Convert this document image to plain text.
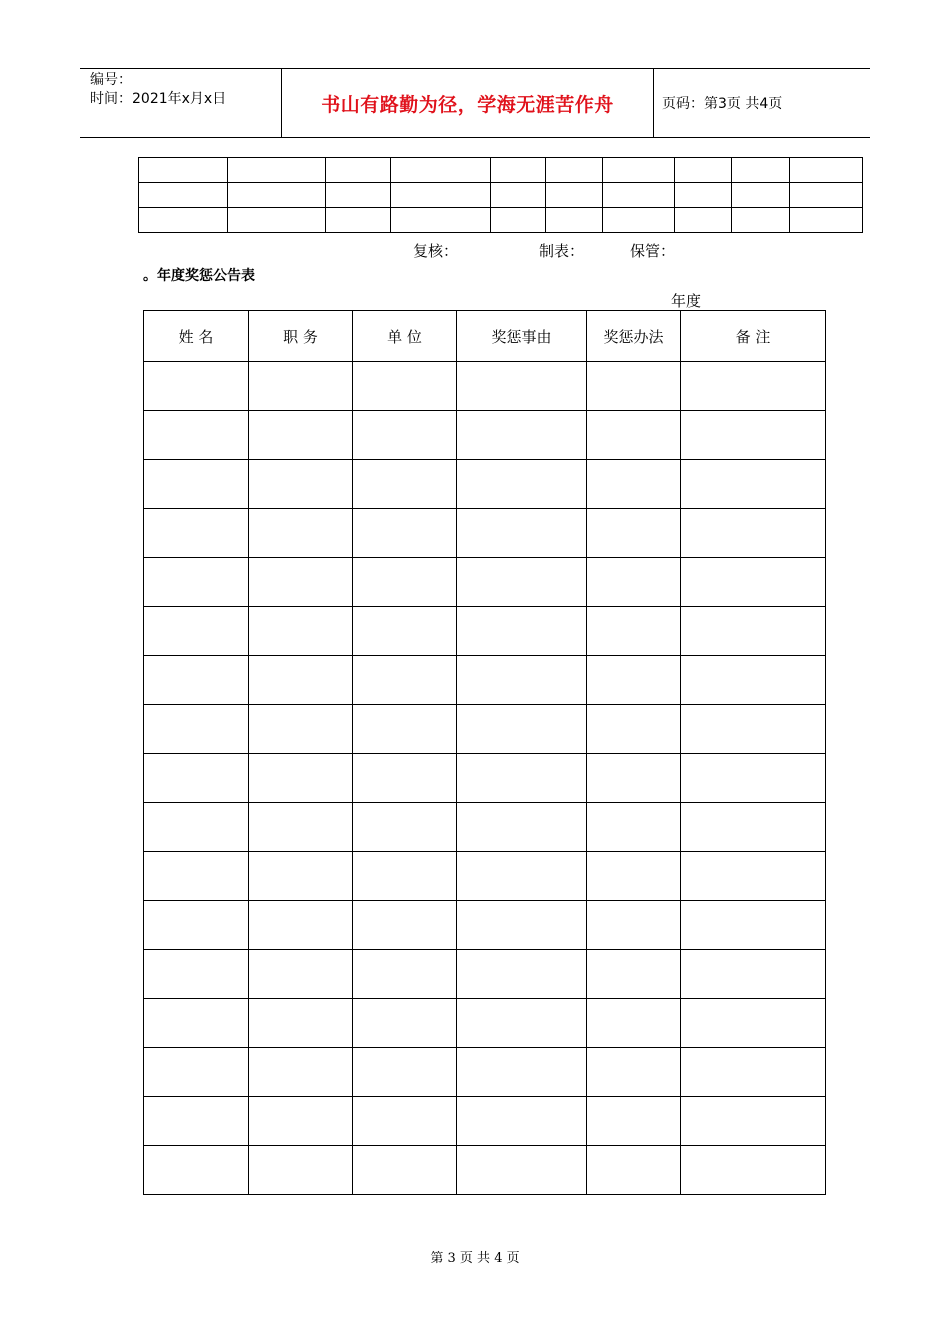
编号：
时间：2021年x月x日	书山有路勤为径，学海无涯苦作舟	页码：第3页 共4页

复核：	制表：	保管：
。年度奖惩公告表
年度
姓 名	职 务	单 位	奖惩事由	奖惩办法	备 注

第 3 页 共 4 页
